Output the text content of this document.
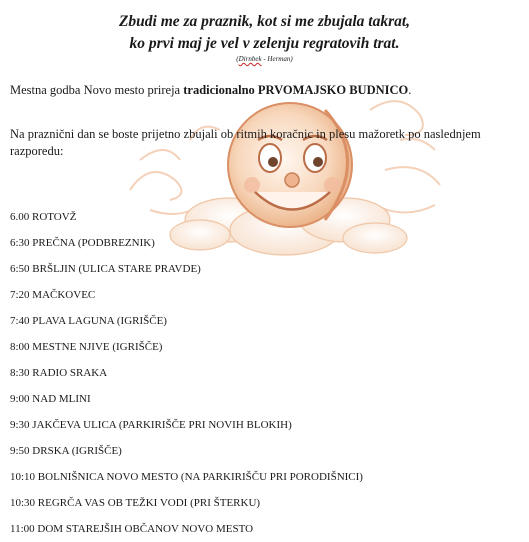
Zbudi me za praznik, kot si me zbujala takrat,
ko prvi maj je vel v zelenju regratovih trat.
(Dirnbek - Herman)
Mestna godba Novo mesto prireja tradicionalno PRVOMAJSKO BUDNICO.
Na praznični dan se boste prijetno zbujali ob ritmih koračnic in plesu mažoretk po naslednjem razporedu:
6.00 ROTOVŽ
6:30 PREČNA (PODBREZNIK)
6:50 BRŠLJIN (ULICA STARE PRAVDE)
7:20 MAČKOVEC
7:40 PLAVA LAGUNA (IGRIŠČE)
8:00 MESTNE NJIVE (IGRIŠČE)
8:30 RADIO SRAKA
9:00 NAD MLINI
9:30 JAKČEVA ULICA (PARKIRIŠČE PRI NOVIH BLOKIH)
9:50 DRSKA (IGRIŠČE)
10:10 BOLNIŠNICA NOVO MESTO (NA PARKIRIŠČU PRI PORODIŠNICI)
10:30 REGRČA VAS OB TEŽKI VODI (PRI ŠTERKU)
11:00 DOM STAREJŠIH OBČANOV NOVO MESTO
